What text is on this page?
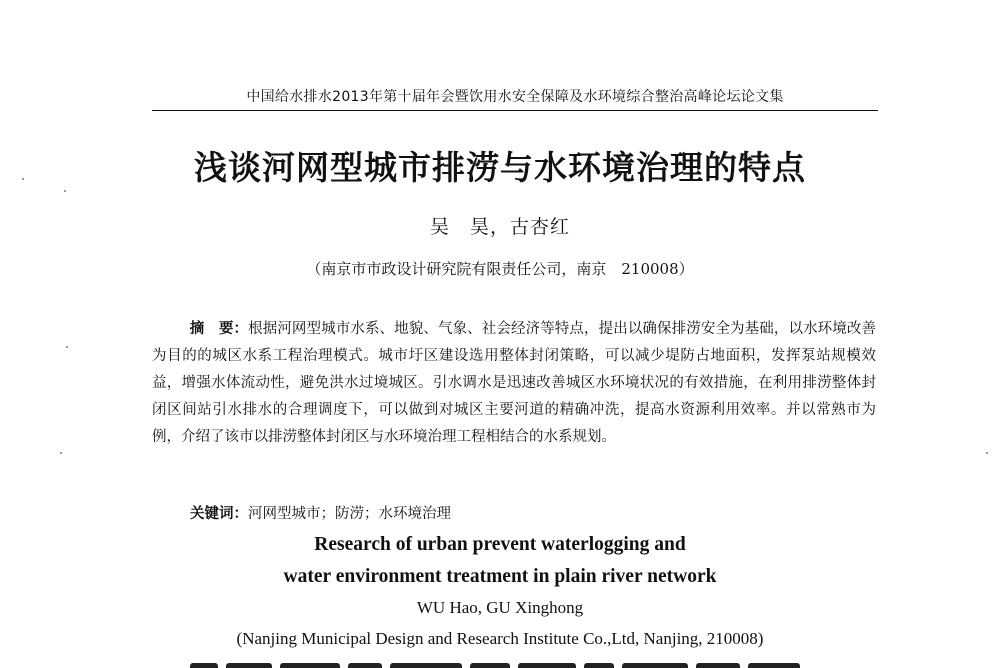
中国给水排水2013年第十届年会暨饮用水安全保障及水环境综合整治高峰论坛论文集
浅谈河网型城市排涝与水环境治理的特点
吴　昊，古杏红
（南京市市政设计研究院有限责任公司，南京　210008）
摘　要：根据河网型城市水系、地貌、气象、社会经济等特点，提出以确保排涝安全为基础，以水环境改善为目的的城区水系工程治理模式。城市圩区建设选用整体封闭策略，可以减少堤防占地面积，发挥泵站规模效益，增强水体流动性，避免洪水过境城区。引水调水是迅速改善城区水环境状况的有效措施，在利用排涝整体封闭区间站引水排水的合理调度下，可以做到对城区主要河道的精确冲洗，提高水资源利用效率。并以常熟市为例，介绍了该市以排涝整体封闭区与水环境治理工程相结合的水系规划。
关键词：河网型城市；防涝；水环境治理
Research of urban prevent waterlogging and
water environment treatment in plain river network
WU Hao, GU Xinghong
(Nanjing Municipal Design and Research Institute Co.,Ltd, Nanjing, 210008)
